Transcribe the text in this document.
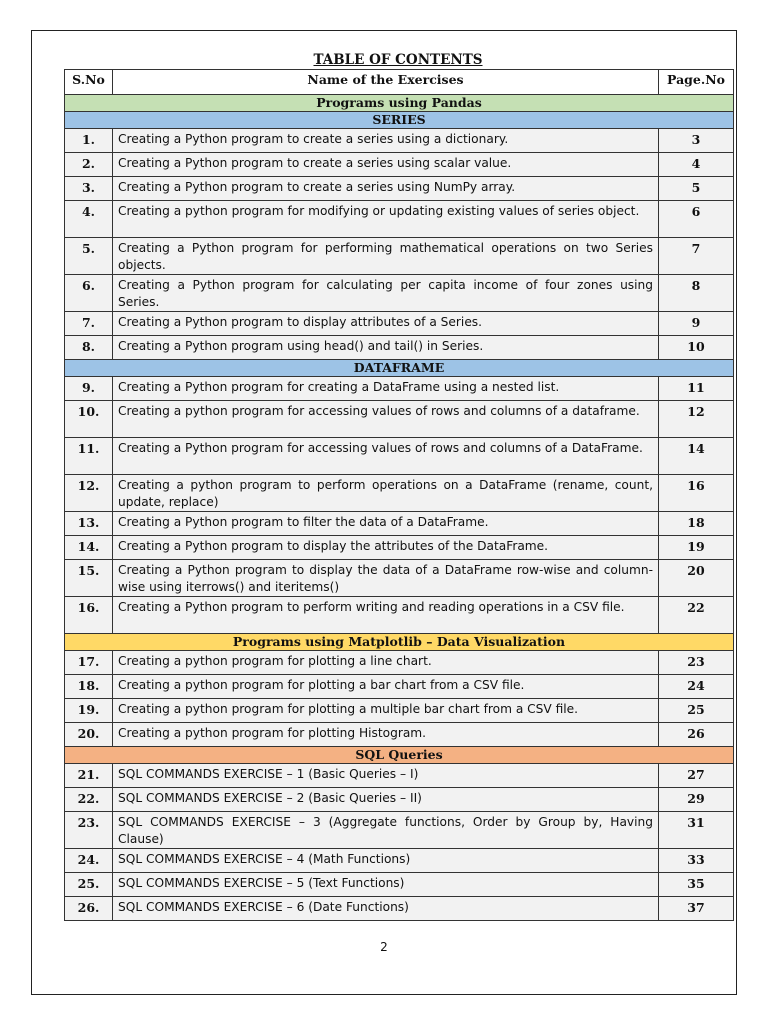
TABLE OF CONTENTS
S.No	Name of the Exercises	Page.No
Programs using Pandas		
SERIES		
1.	Creating a Python program to create a series using a dictionary.	3
2.	Creating a Python program to create a series using scalar value.	4
3.	Creating a Python program to create a series using NumPy array.	5
4.	Creating a python program for modifying or updating existing values of series object.	6
5.	Creating a Python program for performing mathematical operations on two Series objects.	7
6.	Creating a Python program for calculating per capita income of four zones using Series.	8
7.	Creating a Python program to display attributes of a Series.	9
8.	Creating a Python program using head() and tail() in Series.	10
DATAFRAME		
9.	Creating a Python program for creating a DataFrame using a nested list.	11
10.	Creating a python program for accessing values of rows and columns of a dataframe.	12
11.	Creating a Python program for accessing values of rows and columns of a DataFrame.	14
12.	Creating a python program to perform operations on a DataFrame (rename, count, update, replace)	16
13.	Creating a Python program to filter the data of a DataFrame.	18
14.	Creating a Python program to display the attributes of the DataFrame.	19
15.	Creating a Python program to display the data of a DataFrame row-wise and column-wise using iterrows() and iteritems()	20
16.	Creating a Python program to perform writing and reading operations in a CSV file.	22
Programs using Matplotlib – Data Visualization		
17.	Creating a python program for plotting a line chart.	23
18.	Creating a python program for plotting a bar chart from a CSV file.	24
19.	Creating a python program for plotting a multiple bar chart from a CSV file.	25
20.	Creating a python program for plotting Histogram.	26
SQL Queries		
21.	SQL COMMANDS EXERCISE – 1 (Basic Queries – I)	27
22.	SQL COMMANDS EXERCISE – 2 (Basic Queries – II)	29
23.	SQL COMMANDS EXERCISE – 3 (Aggregate functions, Order by Group by, Having Clause)	31
24.	SQL COMMANDS EXERCISE – 4 (Math Functions)	33
25.	SQL COMMANDS EXERCISE – 5 (Text Functions)	35
26.	SQL COMMANDS EXERCISE – 6 (Date Functions)	37
2
